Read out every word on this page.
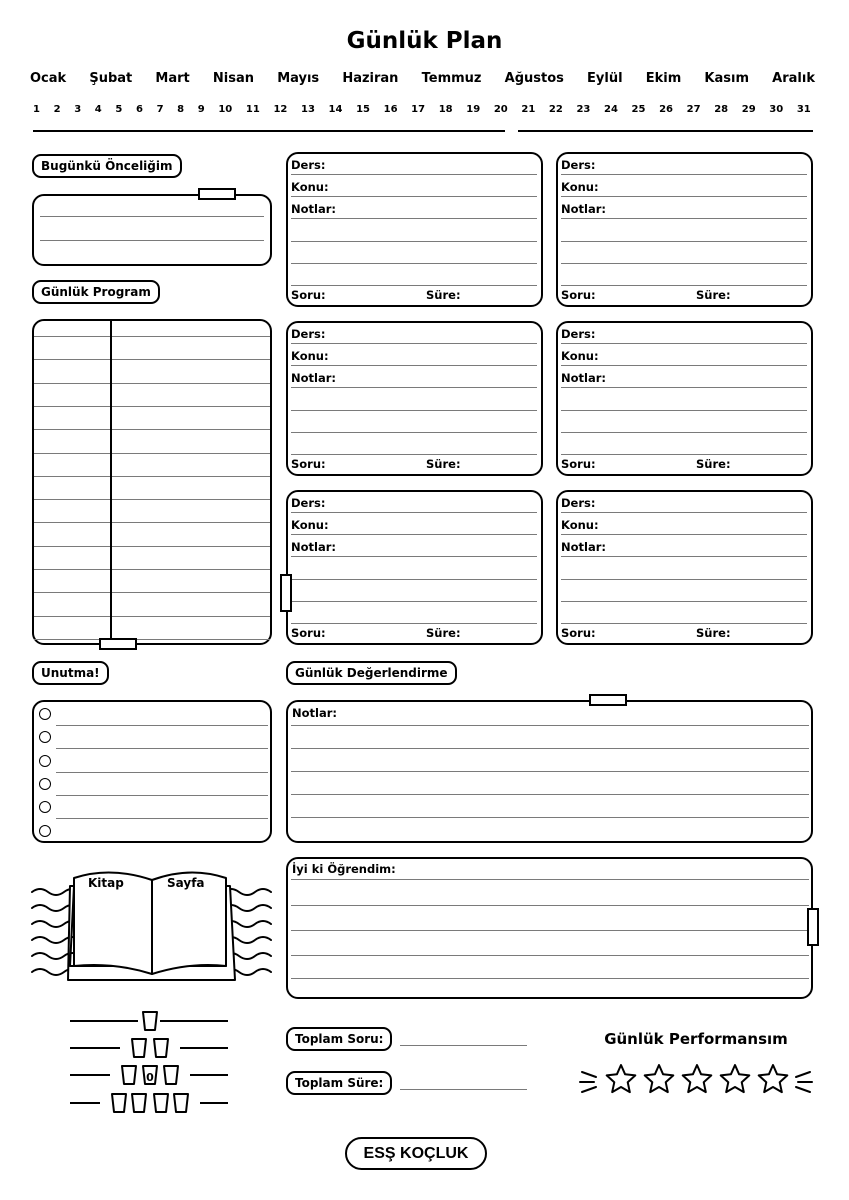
Günlük Plan
Ocak Şubat Mart Nisan Mayıs Haziran Temmuz Ağustos Eylül Ekim Kasım Aralık
1 2 3 4 5 6 7 8 9 10 11 12 13 14 15 16 17 18 19 20 21 22 23 24 25 26 27 28 29 30 31
Bugünkü Önceliğim
Günlük Program
Unutma!
Ders:
Konu:
Notlar:
Soru:	Süre:
Ders:
Konu:
Notlar:
Soru:	Süre:
Ders:
Konu:
Notlar:
Soru:	Süre:
Ders:
Konu:
Notlar:
Soru:	Süre:
Ders:
Konu:
Notlar:
Soru:	Süre:
Ders:
Konu:
Notlar:
Soru:	Süre:
Günlük Değerlendirme
Notlar:
İyi ki Öğrendim:
Kitap	Sayfa
0
Toplam Soru:
Toplam Süre:
Günlük Performansım
ESŞ KOÇLUK
